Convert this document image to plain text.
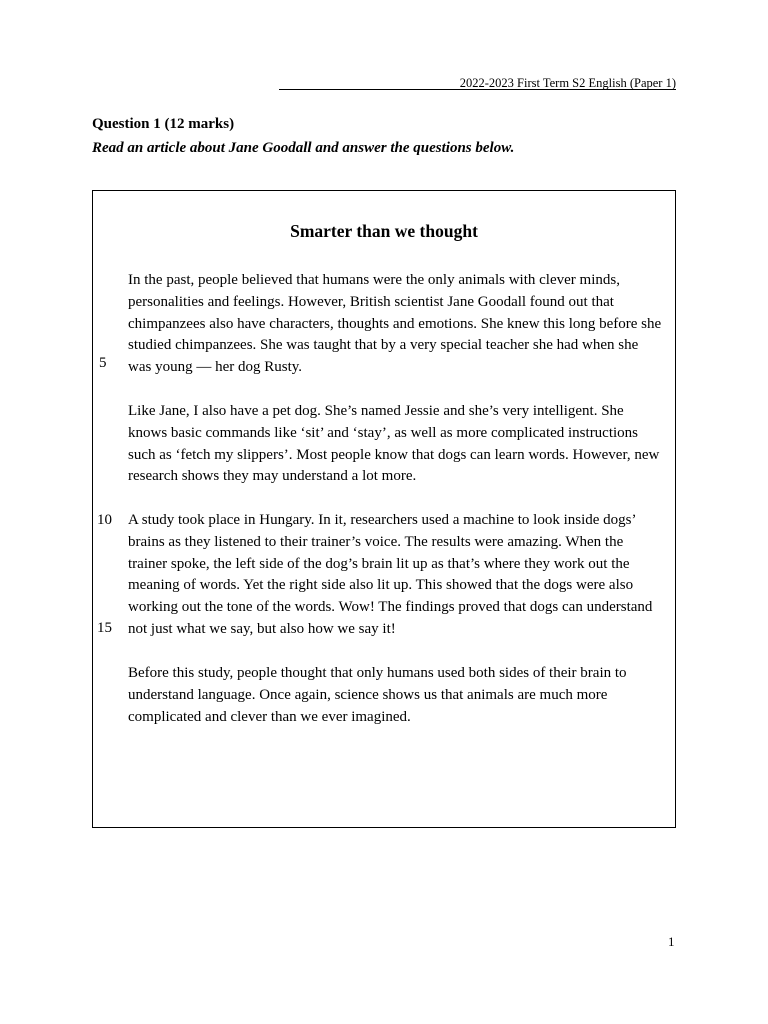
2022-2023 First Term S2 English (Paper 1)
Question 1 (12 marks)
Read an article about Jane Goodall and answer the questions below.
Smarter than we thought
5
10
15

In the past, people believed that humans were the only animals with clever minds, personalities and feelings. However, British scientist Jane Goodall found out that chimpanzees also have characters, thoughts and emotions. She knew this long before she studied chimpanzees. She was taught that by a very special teacher she had when she was young — her dog Rusty.

Like Jane, I also have a pet dog. She’s named Jessie and she’s very intelligent. She knows basic commands like ‘sit’ and ‘stay’, as well as more complicated instructions such as ‘fetch my slippers’. Most people know that dogs can learn words. However, new research shows they may understand a lot more.

A study took place in Hungary. In it, researchers used a machine to look inside dogs’ brains as they listened to their trainer’s voice. The results were amazing. When the trainer spoke, the left side of the dog’s brain lit up as that’s where they work out the meaning of words. Yet the right side also lit up. This showed that the dogs were also working out the tone of the words. Wow! The findings proved that dogs can understand not just what we say, but also how we say it!

Before this study, people thought that only humans used both sides of their brain to understand language. Once again, science shows us that animals are much more complicated and clever than we ever imagined.

1
